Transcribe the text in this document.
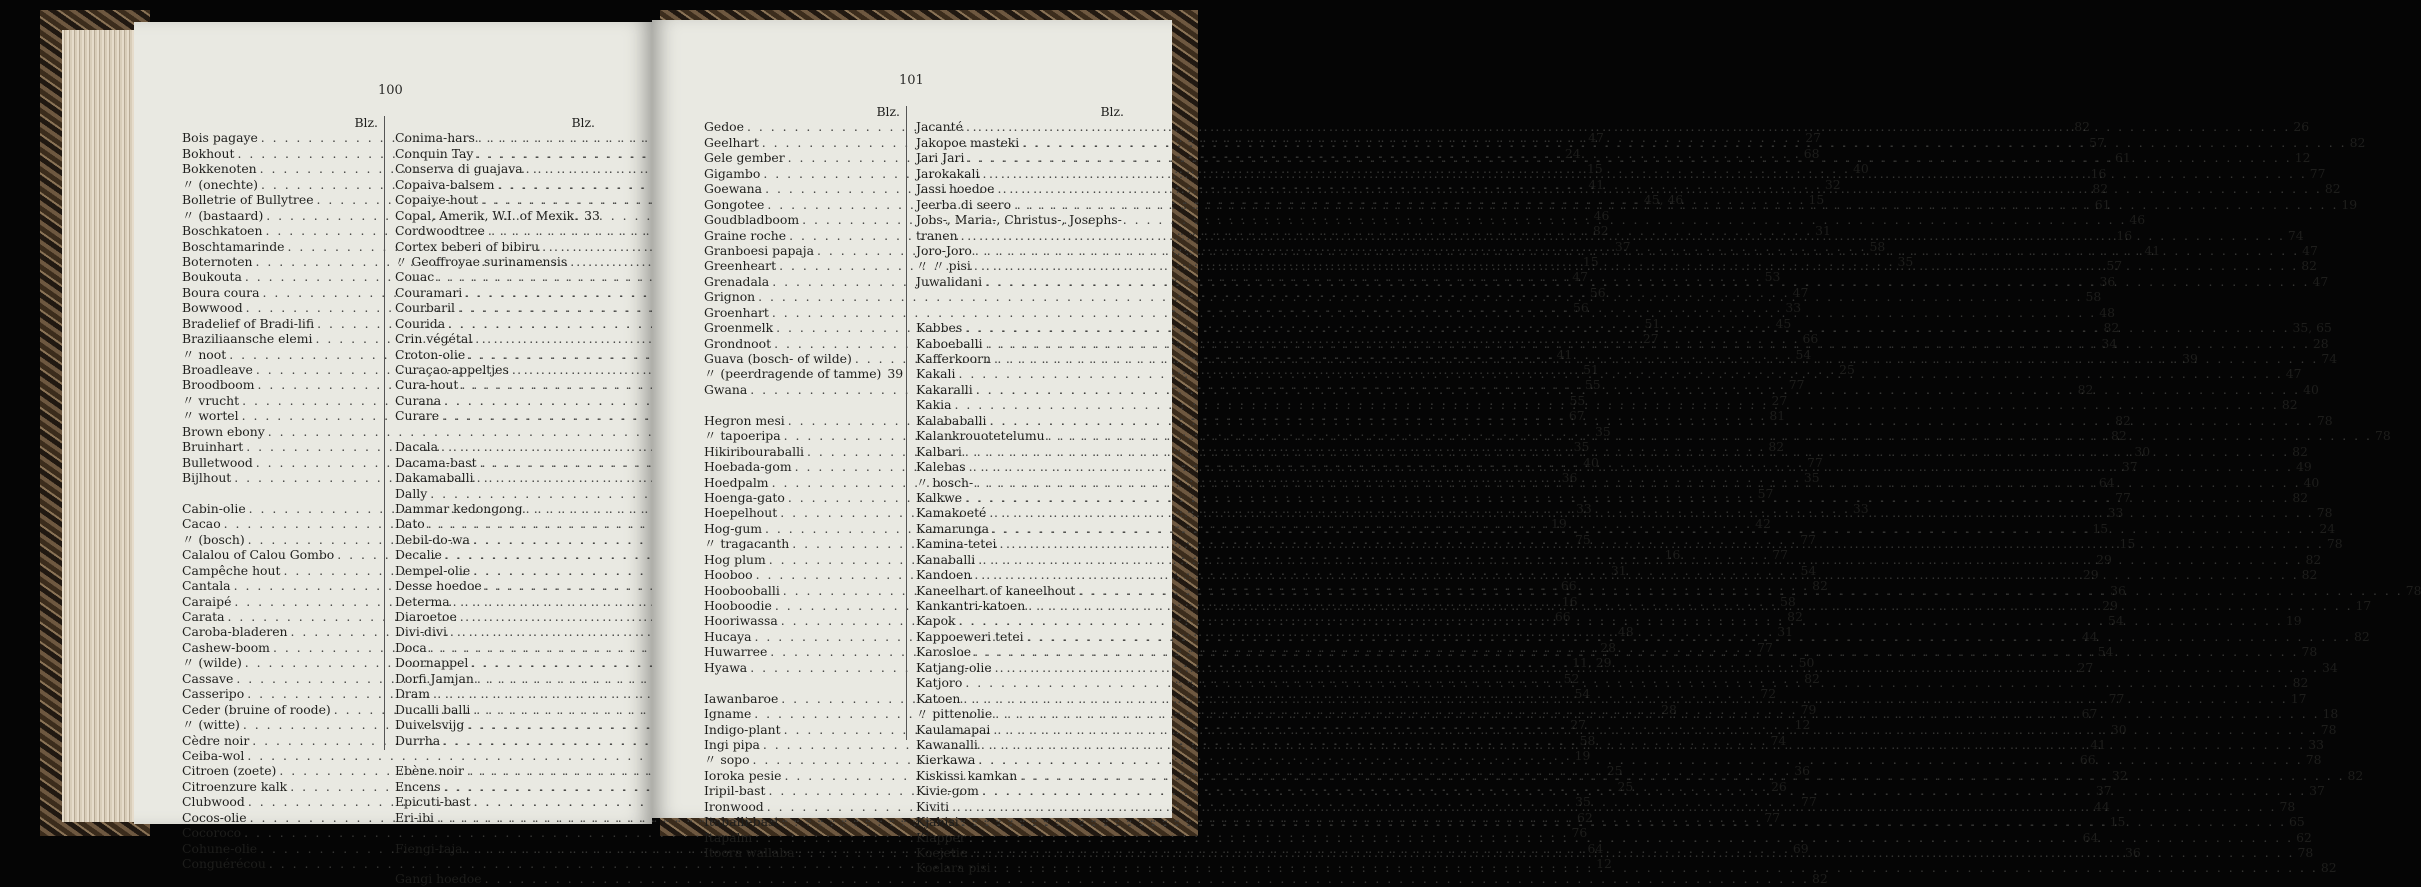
100
Blz.
Bois pagaye . . .	47
Bokhout . . .	24
Bokkenoten . . .	15
〃 (onechte) . . .	41
Bolletrie of Bullytree . . .	45, 46
〃 (bastaard) . . .	46
Boschkatoen . . .	82
Boschtamarinde . . .	37
Boternoten . . .	15
Boukouta . . .	47
Boura coura . . .	56
Bowwood . . .	56
Bradelief of Bradi-lifi . . .	51
Braziliaansche elemi . . .	27
〃 noot . . .	41
Broadleave . . .	51
Broodboom . . .	55
〃 vrucht . . .	55
〃 wortel . . .	67
Brown ebony . . .	35
Bruinhart . . .	35
Bulletwood . . .	40
Bijlhout . . .	36
Cabin-olie . . .	33
Cacao . . .	19
〃 (bosch) . . .	75
Calalou of Calou Gombo . . .	16
Campêche hout . . .	31
Cantala . . .	66
Caraipé . . .	16
Carata . . .	66
Caroba-bladeren . . .	48
Cashew-boom . . .	28
〃 (wilde) . . .	11, 29
Cassave . . .	52
Casseripo . . .	54
Ceder (bruine of roode) . . .	28
〃 (witte) . . .	27
Cèdre noir . . .	58
Ceiba-wol . . .	19
Citroen (zoete) . . .	25
Citroenzure kalk . . .	25
Clubwood . . .	35
Cocos-olie . . .	62
Cocoroco . . .	76
Cohune-olie . . .	64
Conguérécou . . .	12
Blz.
Conima-hars . . .	27
Conquin Tay . . .	68
Conserva di guajava . . .	40
Copaiva-balsem . . .	32
Copaiye-hout . . .	15
Copal, Amerik, W.I. of Mexik. 33
Cordwoodtree . . .	31
Cortex beberi of bibiru . . .	58
〃 Geoffroyae surinamensis . . .	35
Couac . . .	53
Couramari . . .	47
Courbaril . . .	33
Courida . . .	45
Crin végétal . . .	66
Croton-olie . . .	54
Curaçao-appeltjes . . .	25
Cura-hout . . .	77
Curana . . .	27
Curare . . .	81
Dacala . . .	82
Dacama-bast . . .	77
Dakamaballi . . .	35
Dally . . .	57
Dammar kedongong . . .	33
Dato . . .	42
Debil-do-wa . . .	77
Decalie . . .	77
Dempel-olie . . .	54
Desse hoedoe . . .	82
Determa . . .	58
Diaroetoe . . .	82
Divi-divi . . .	31
Doca . . .	77
Doornappel . . .	50
Dorfi Jamjan . . .	82
Dram . . .	72
Ducalli balli . . .	79
Duivelsvijg . . .	12
Durrha . . .	74
Ebène noir . . .	36
Encens . . .	26
Epicuti-bast . . .	77
Eri-ibi . . .	77
Fiengi-taja . . .	69
Gangi hoedoe . . .	82
101
Blz.
Gedoe . . .	82
Geelhart . . .	57
Gele gember . . .	61
Gigambo . . .	16
Goewana . . .	82
Gongotee . . .	61
Goudbladboom . . .	46
Graine roche . . .	16
Granboesi papaja . . .	41
Greenheart . . .	57
Grenadala . . .	36
Grignon . . .	58
Groenhart . . .	48
Groenmelk . . .	82
Grondnoot . . .	34
Guava (bosch- of wilde) . . .	39
〃 (peerdragende of tamme) 39
Gwana . . .	82
Hegron mesi . . .	82
〃 tapoeripa . . .	82
Hikiribouraballi . . .	30
Hoebada-gom . . .	37
Hoedpalm . . .	64
Hoenga-gato . . .	77
Hoepelhout . . .	33
Hog-gum . . .	15
〃 tragacanth . . .	15
Hog plum . . .	29
Hooboo . . .	29
Hoobooballi . . .	36
Hooboodie . . .	29
Hooriwassa . . .	54
Hucaya . . .	44
Huwarree . . .	54
Hyawa . . .	27
Iawanbaroe . . .	77
Igname . . .	67
Indigo-plant . . .	30
Ingi pipa . . .	41
〃 sopo . . .	66
Ioroka pesie . . .	32
Iripil-bast . . .	37
Ironwood . . .	44
Itaballi-bast . . .	15
Itapalm . . .	64
Itoora wallaba . . .	36
Blz.
Jacanté . . .	26
Jakopoe masteki . . .	82
Jari Jari . . .	12
Jarokakali . . .	77
Jassi hoedoe . . .	82
Jeerba di seero . . .	19
Jobs-, Maria-, Christus-, Josephs-
tranen . . .	74
Joro-Joro . . .	47
〃 〃 pisi . . .	82
Juwalidani . . .	47
Kabbes . . .	35, 65
Kaboeballi . . .	28
Kafferkoorn . . .	74
Kakali . . .	47
Kakaralli . . .	40
Kakia . . .	82
Kalababalli . . .	78
Kalankrouotetelumu . . .	78
Kalbari . . .	82
Kalebas . . .	49
〃 bosch- . . .	40
Kalkwe . . .	82
Kamakoeté . . .	78
Kamarunga . . .	24
Kamina-tetei . . .	78
Kanaballi . . .	82
Kandoen . . .	82
Kaneelhart of kaneelhout . . .	78
Kankantri-katoen . . .	17
Kapok . . .	19
Kappoeweri tetei . . .	82
Karosloe . . .	78
Katjang-olie . . .	34
Katjoro . . .	82
Katoen . . .	17
〃 pittenolie . . .	18
Kaulamapai . . .	78
Kawanalli . . .	33
Kierkawa . . .	78
Kiskissi kamkan . . .	82
Kivie-gom . . .	37
Kiviti . . .	78
Kjabisi . . .	65
Klapper . . .	62
Koejetie . . .	78
Koelara pisi . . .	82
